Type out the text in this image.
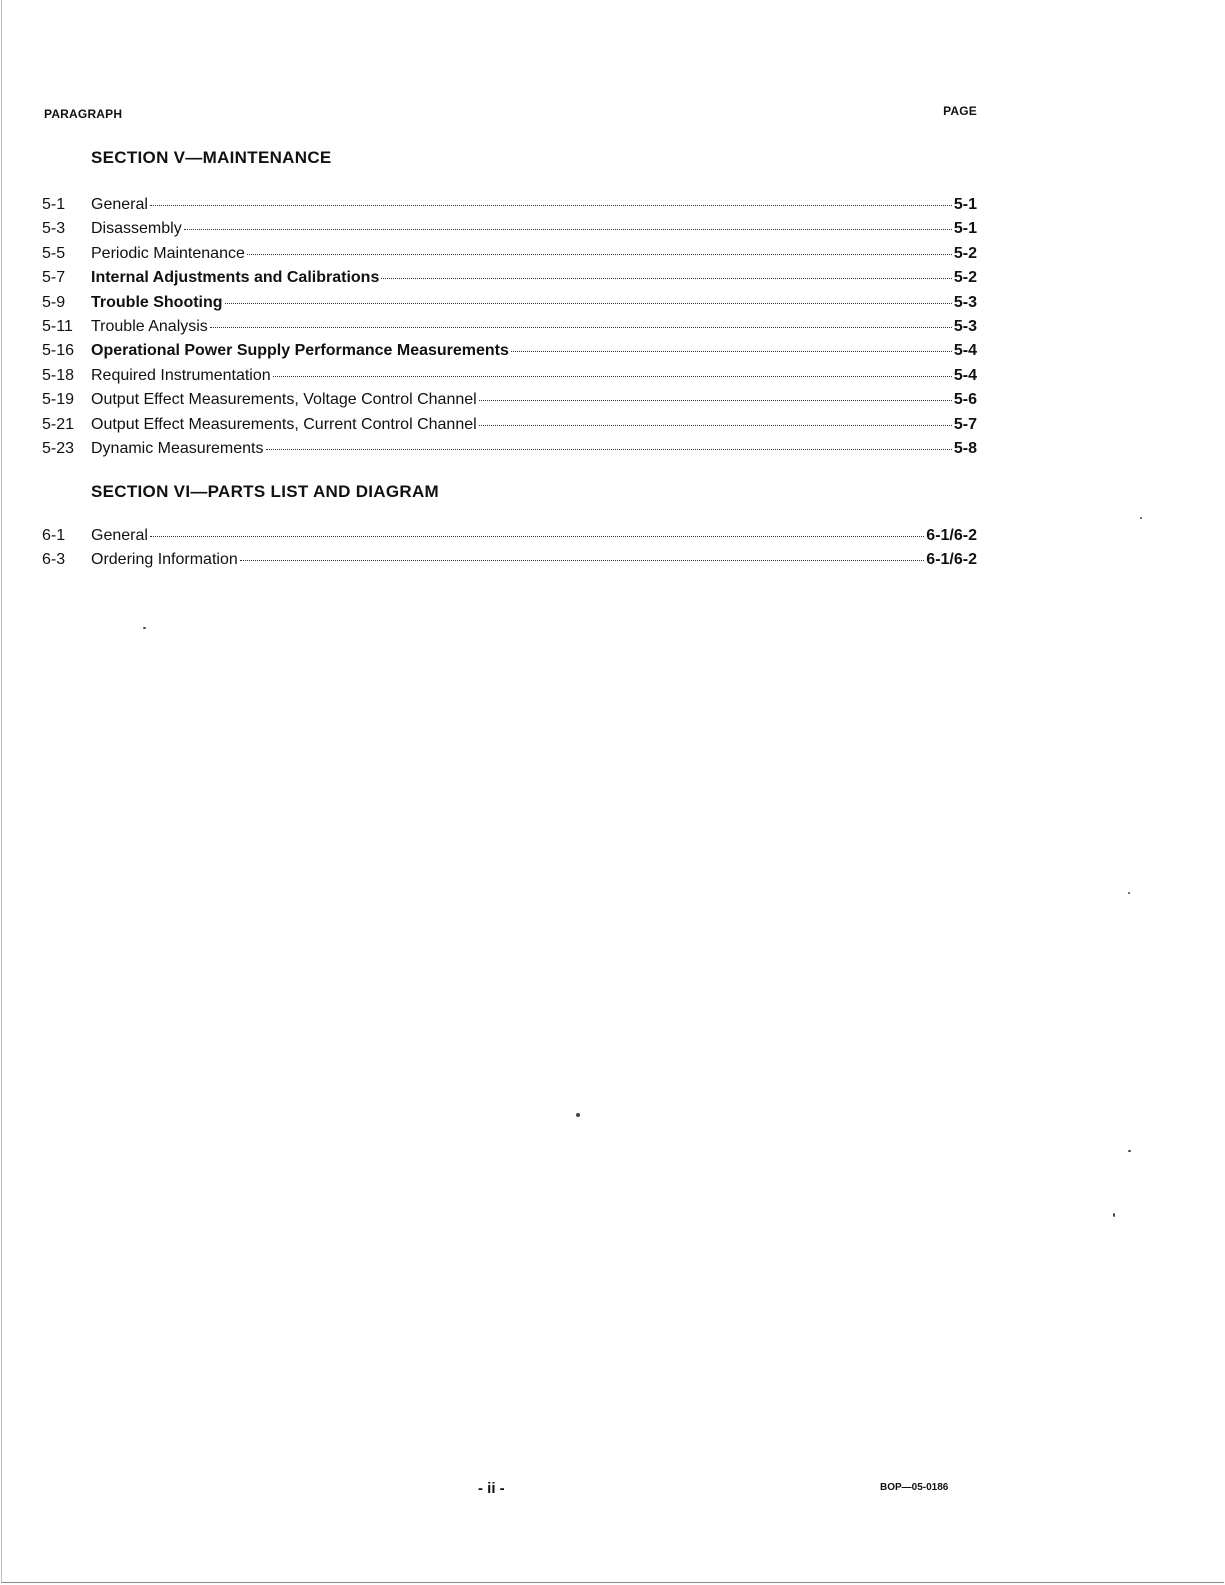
PARAGRAPH	PAGE
SECTION V—MAINTENANCE
5-1	General	5-1
5-3	Disassembly	5-1
5-5	Periodic Maintenance	5-2
5-7	Internal Adjustments and Calibrations	5-2
5-9	Trouble Shooting	5-3
5-11	Trouble Analysis	5-3
5-16	Operational Power Supply Performance Measurements	5-4
5-18	Required Instrumentation	5-4
5-19	Output Effect Measurements, Voltage Control Channel	5-6
5-21	Output Effect Measurements, Current Control Channel	5-7
5-23	Dynamic Measurements	5-8
SECTION VI—PARTS LIST AND DIAGRAM
6-1	General	6-1/6-2
6-3	Ordering Information	6-1/6-2
- ii -	BOP—05-0186
